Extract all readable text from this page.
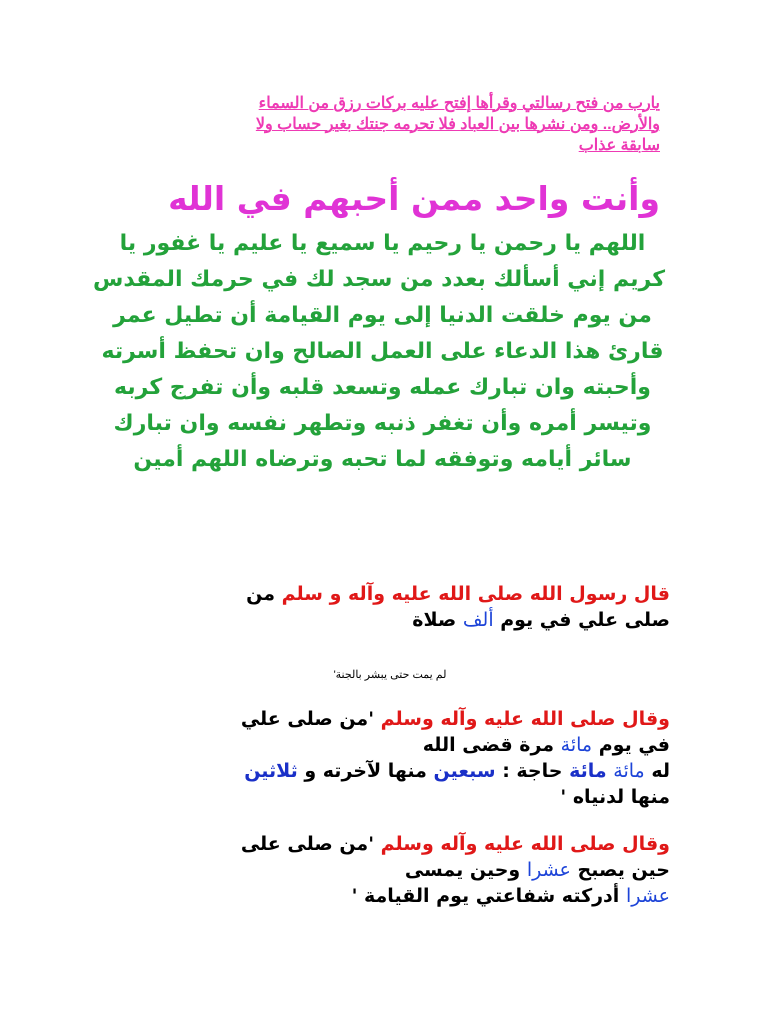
يارب من فتح رسالتي وقرأها إفتح عليه بركات رزق من السماء
والأرض.. ومن نشرها بين العباد فلا تحرمه جنتك بغير حساب ولا
سابقة عذاب
وأنت واحد ممن أحبهم في الله
اللهم يا رحمن يا رحيم يا سميع يا عليم يا غفور يا
كريم إني أسألك بعدد من سجد لك في حرمك المقدس
من يوم خلقت الدنيا إلى يوم القيامة أن تطيل عمر
قارئ هذا الدعاء على العمل الصالح وان تحفظ أسرته
وأحبته وان تبارك عمله وتسعد قلبه وأن تفرج كربه
وتيسر أمره وأن تغفر ذنبه وتطهر نفسه وان تبارك
سائر أيامه وتوفقه لما تحبه وترضاه اللهم أمين
قال رسول الله صلى الله عليه وآله و سلم من
صلى علي في يوم ألف صلاة
لم يمت حتى يبشر بالجنة'
وقال صلى الله عليه وآله وسلم 'من صلى علي
في يوم مائة مرة قضى الله
له مائة مائة حاجة : سبعين منها لآخرته و ثلاثين
منها لدنياه '
وقال صلى الله عليه وآله وسلم 'من صلى على
حين يصبح عشرا وحين يمسى
عشرا أدركته شفاعتي يوم القيامة '
